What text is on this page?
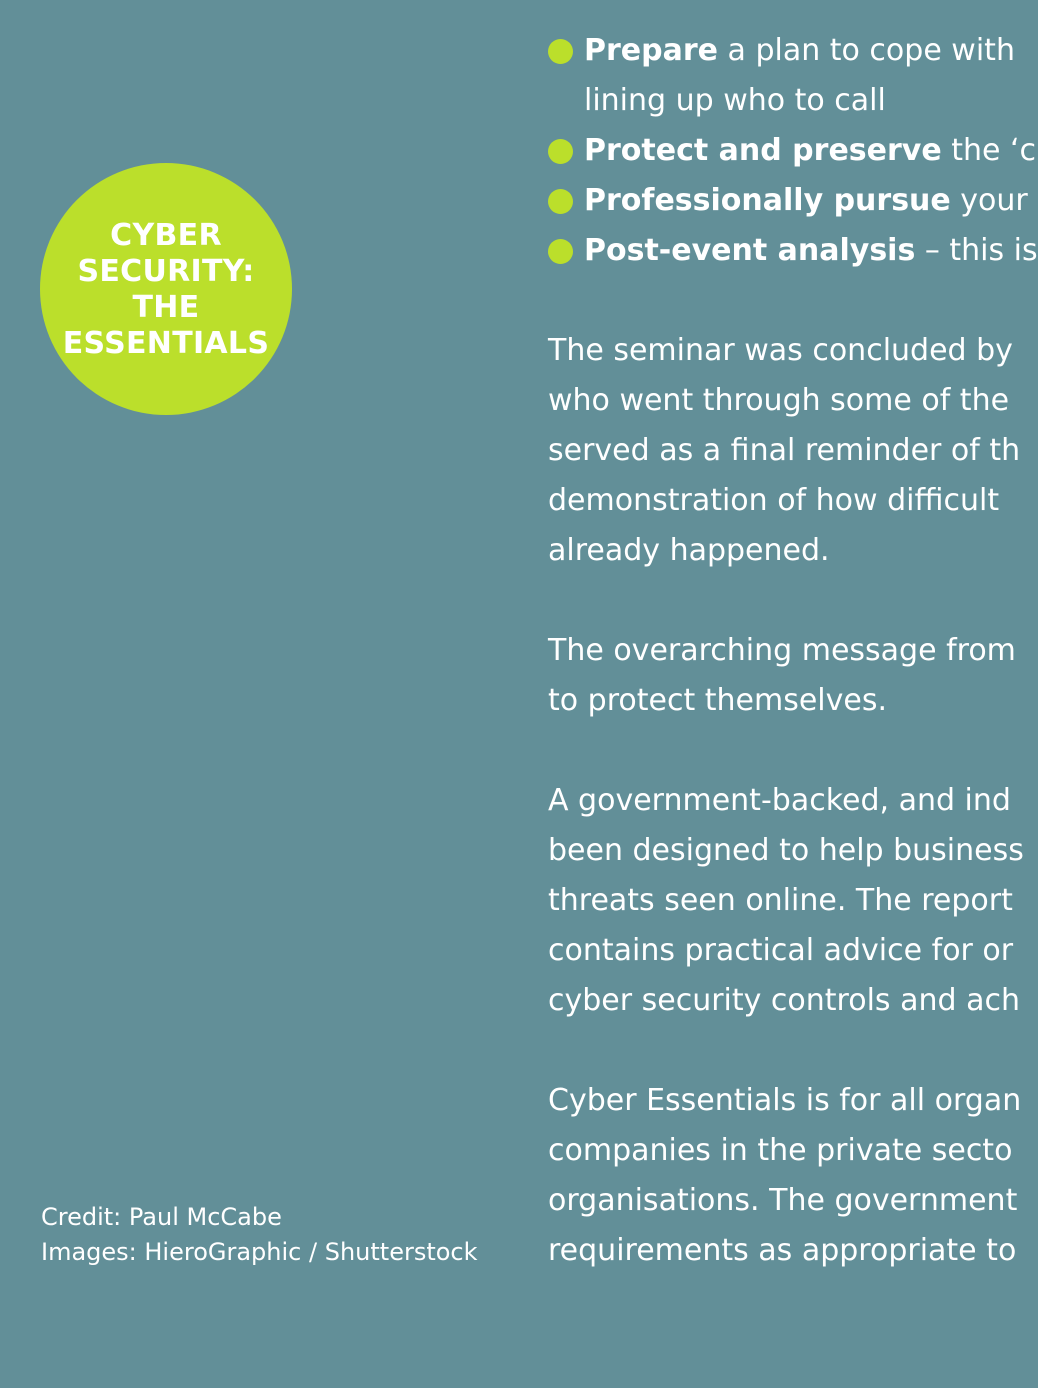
CYBER
SECURITY:
THE
ESSENTIALS
Credit: Paul McCabe
Images: HieroGraphic / Shutterstock
Prepare a plan to cope with
lining up who to call
Protect and preserve the ‘c
Professionally pursue your
Post-event analysis – this is
The seminar was concluded by
who went through some of the
served as a final reminder of th
demonstration of how difficult
already happened.
The overarching message from
to protect themselves.
A government-backed, and ind
been designed to help business
threats seen online. The report
contains practical advice for or
cyber security controls and ach
Cyber Essentials is for all organ
companies in the private secto
organisations. The government
requirements as appropriate to
